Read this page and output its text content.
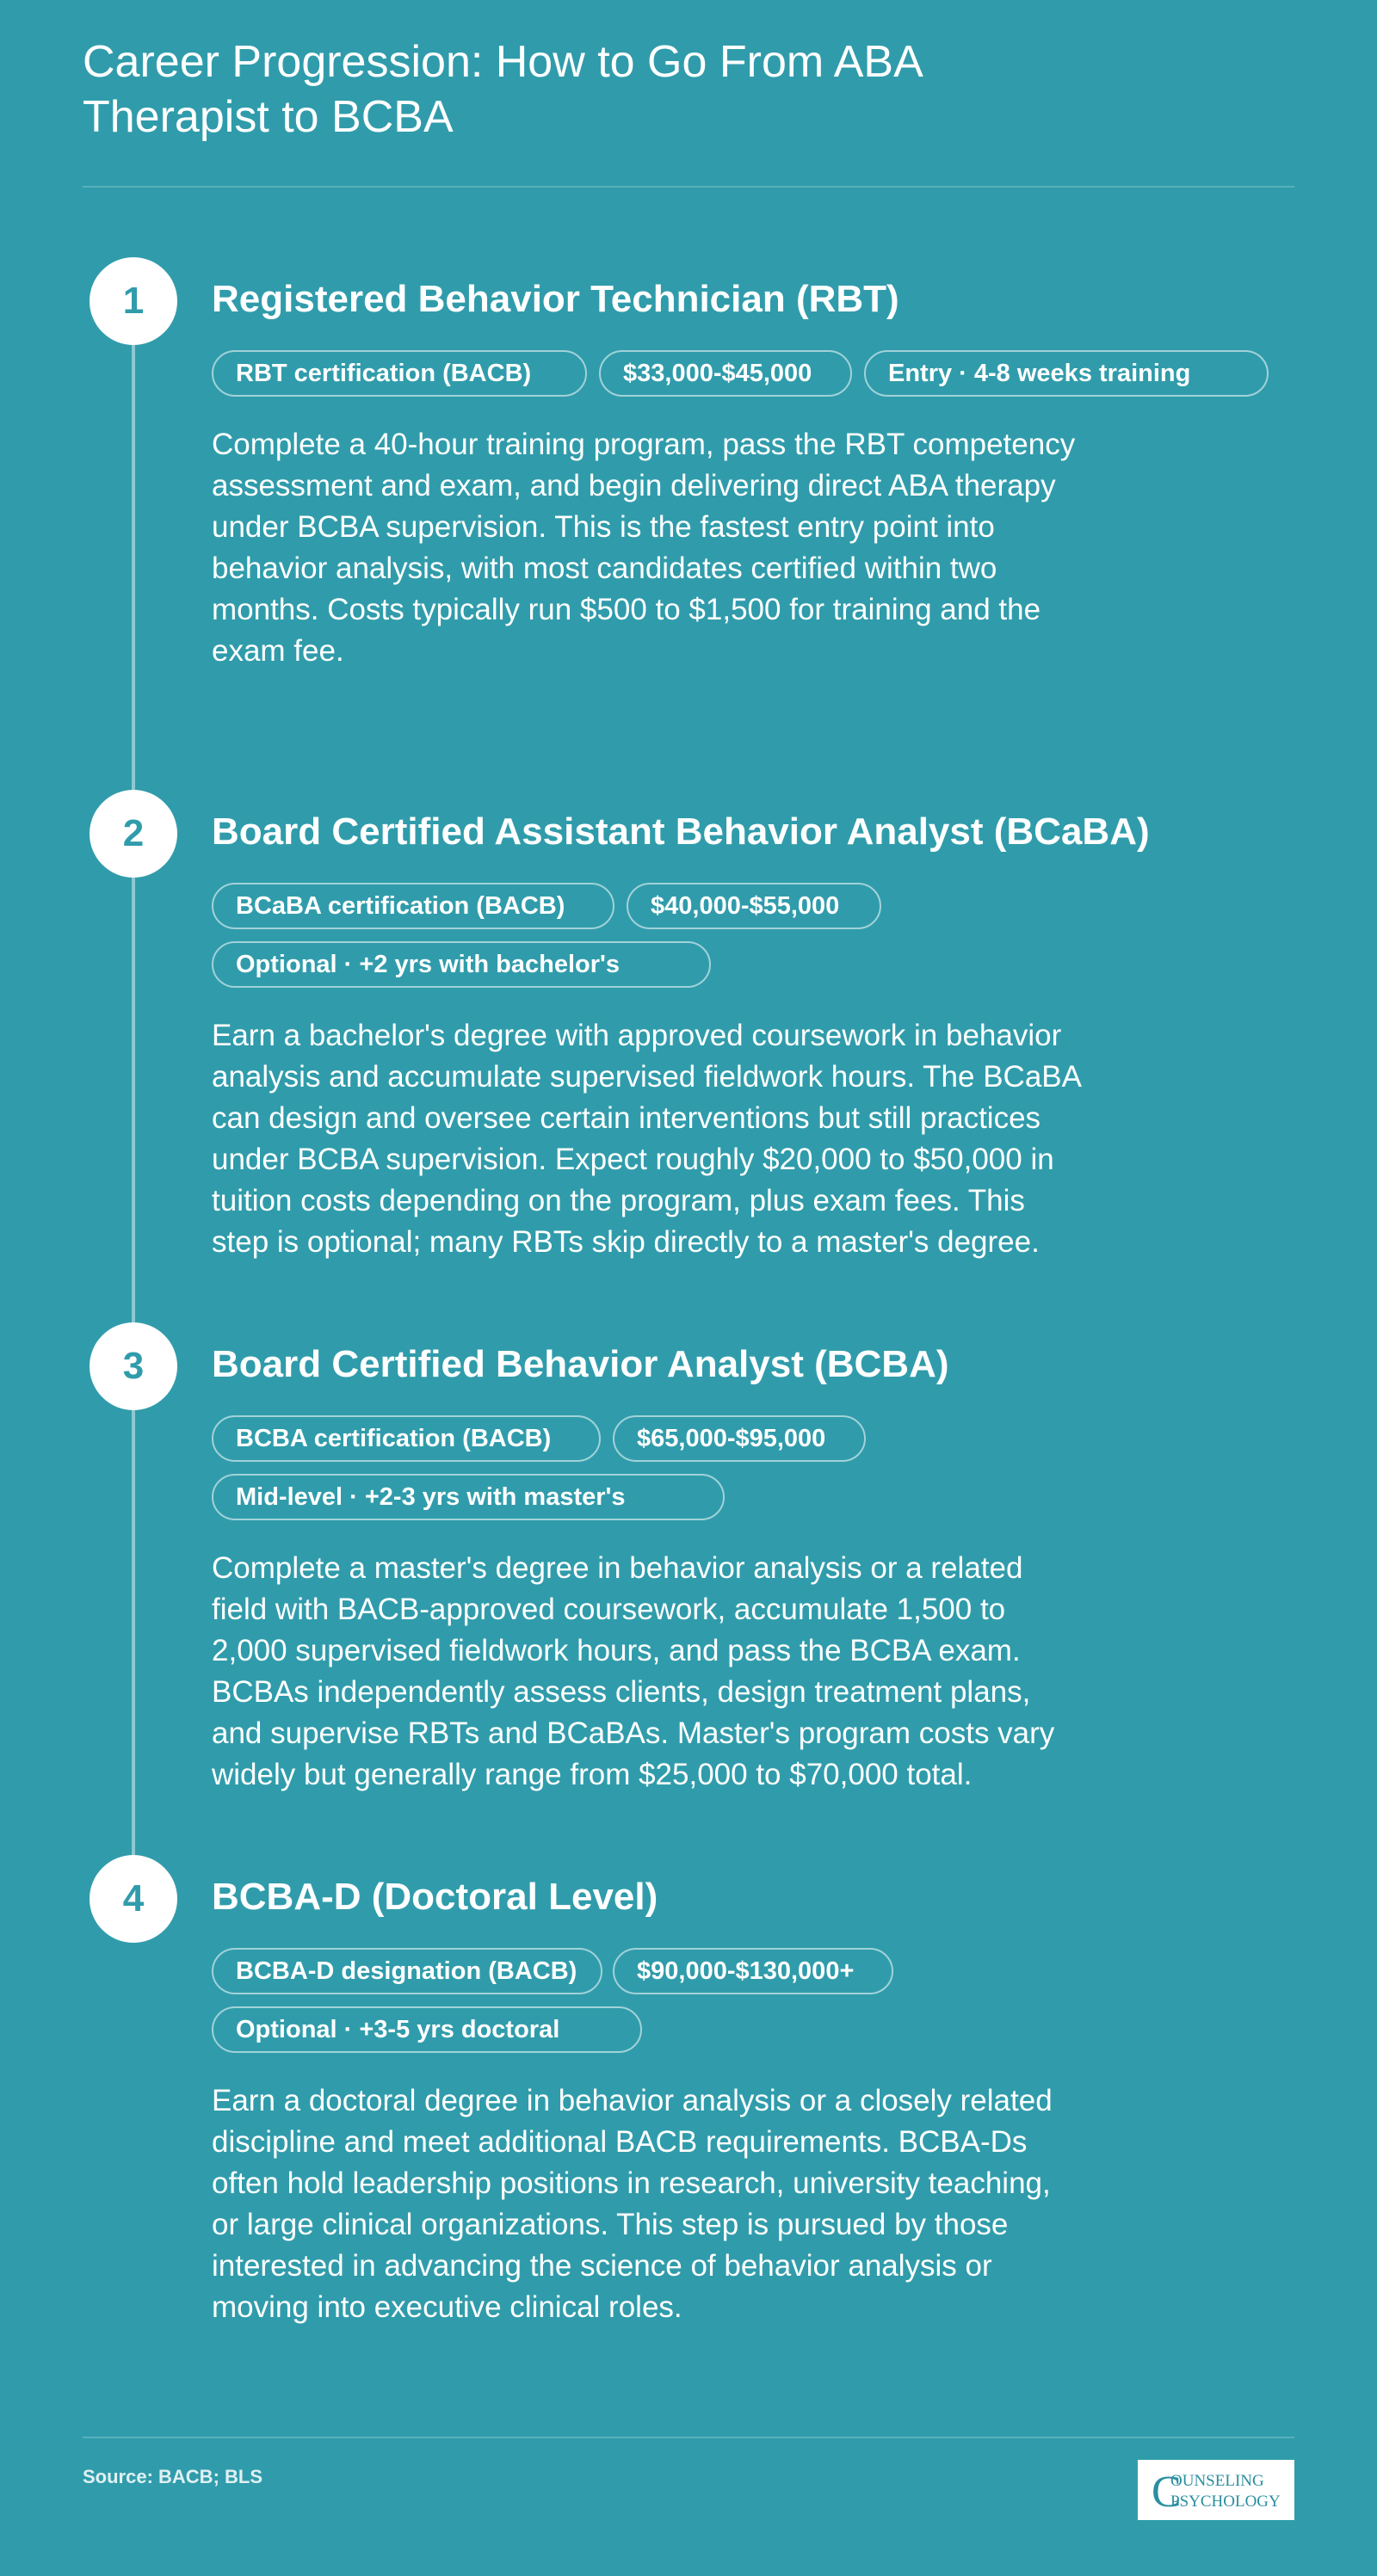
Career Progression: How to Go From ABA Therapist to BCBA
1	Registered Behavior Technician (RBT)
RBT certification (BACB)	$33,000-$45,000	Entry · 4-8 weeks training

Complete a 40-hour training program, pass the RBT competency assessment and exam, and begin delivering direct ABA therapy under BCBA supervision. This is the fastest entry point into behavior analysis, with most candidates certified within two months. Costs typically run $500 to $1,500 for training and the exam fee.

2	Board Certified Assistant Behavior Analyst (BCaBA)
BCaBA certification (BACB)	$40,000-$55,000
Optional · +2 yrs with bachelor's

Earn a bachelor's degree with approved coursework in behavior analysis and accumulate supervised fieldwork hours. The BCaBA can design and oversee certain interventions but still practices under BCBA supervision. Expect roughly $20,000 to $50,000 in tuition costs depending on the program, plus exam fees. This step is optional; many RBTs skip directly to a master's degree.

3	Board Certified Behavior Analyst (BCBA)
BCBA certification (BACB)	$65,000-$95,000
Mid-level · +2-3 yrs with master's

Complete a master's degree in behavior analysis or a related field with BACB-approved coursework, accumulate 1,500 to 2,000 supervised fieldwork hours, and pass the BCBA exam. BCBAs independently assess clients, design treatment plans, and supervise RBTs and BCaBAs. Master's program costs vary widely but generally range from $25,000 to $70,000 total.

4	BCBA-D (Doctoral Level)
BCBA-D designation (BACB)	$90,000-$130,000+
Optional · +3-5 yrs doctoral

Earn a doctoral degree in behavior analysis or a closely related discipline and meet additional BACB requirements. BCBA-Ds often hold leadership positions in research, university teaching, or large clinical organizations. This step is pursued by those interested in advancing the science of behavior analysis or moving into executive clinical roles.

Source: BACB; BLS	C
OUNSELING
PSYCHOLOGY
